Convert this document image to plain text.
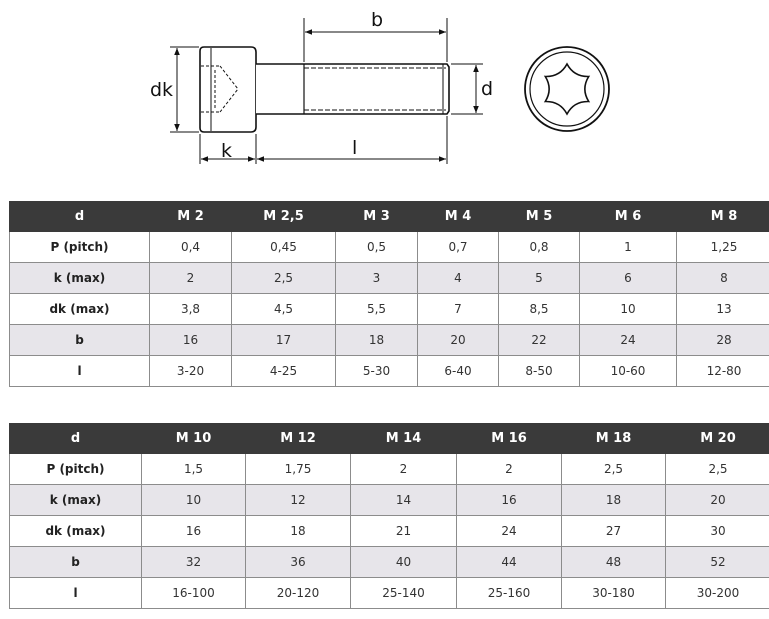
b
dk	d
k	l
d	M 2	M 2,5	M 3	M 4	M 5	M 6	M 8
P (pitch)	0,4	0,45	0,5	0,7	0,8	1	1,25
k (max)	2	2,5	3	4	5	6	8
dk (max)	3,8	4,5	5,5	7	8,5	10	13
b	16	17	18	20	22	24	28
l	3-20	4-25	5-30	6-40	8-50	10-60	12-80
d	M 10	M 12	M 14	M 16	M 18	M 20
P (pitch)	1,5	1,75	2	2	2,5	2,5
k (max)	10	12	14	16	18	20
dk (max)	16	18	21	24	27	30
b	32	36	40	44	48	52
l	16-100	20-120	25-140	25-160	30-180	30-200
